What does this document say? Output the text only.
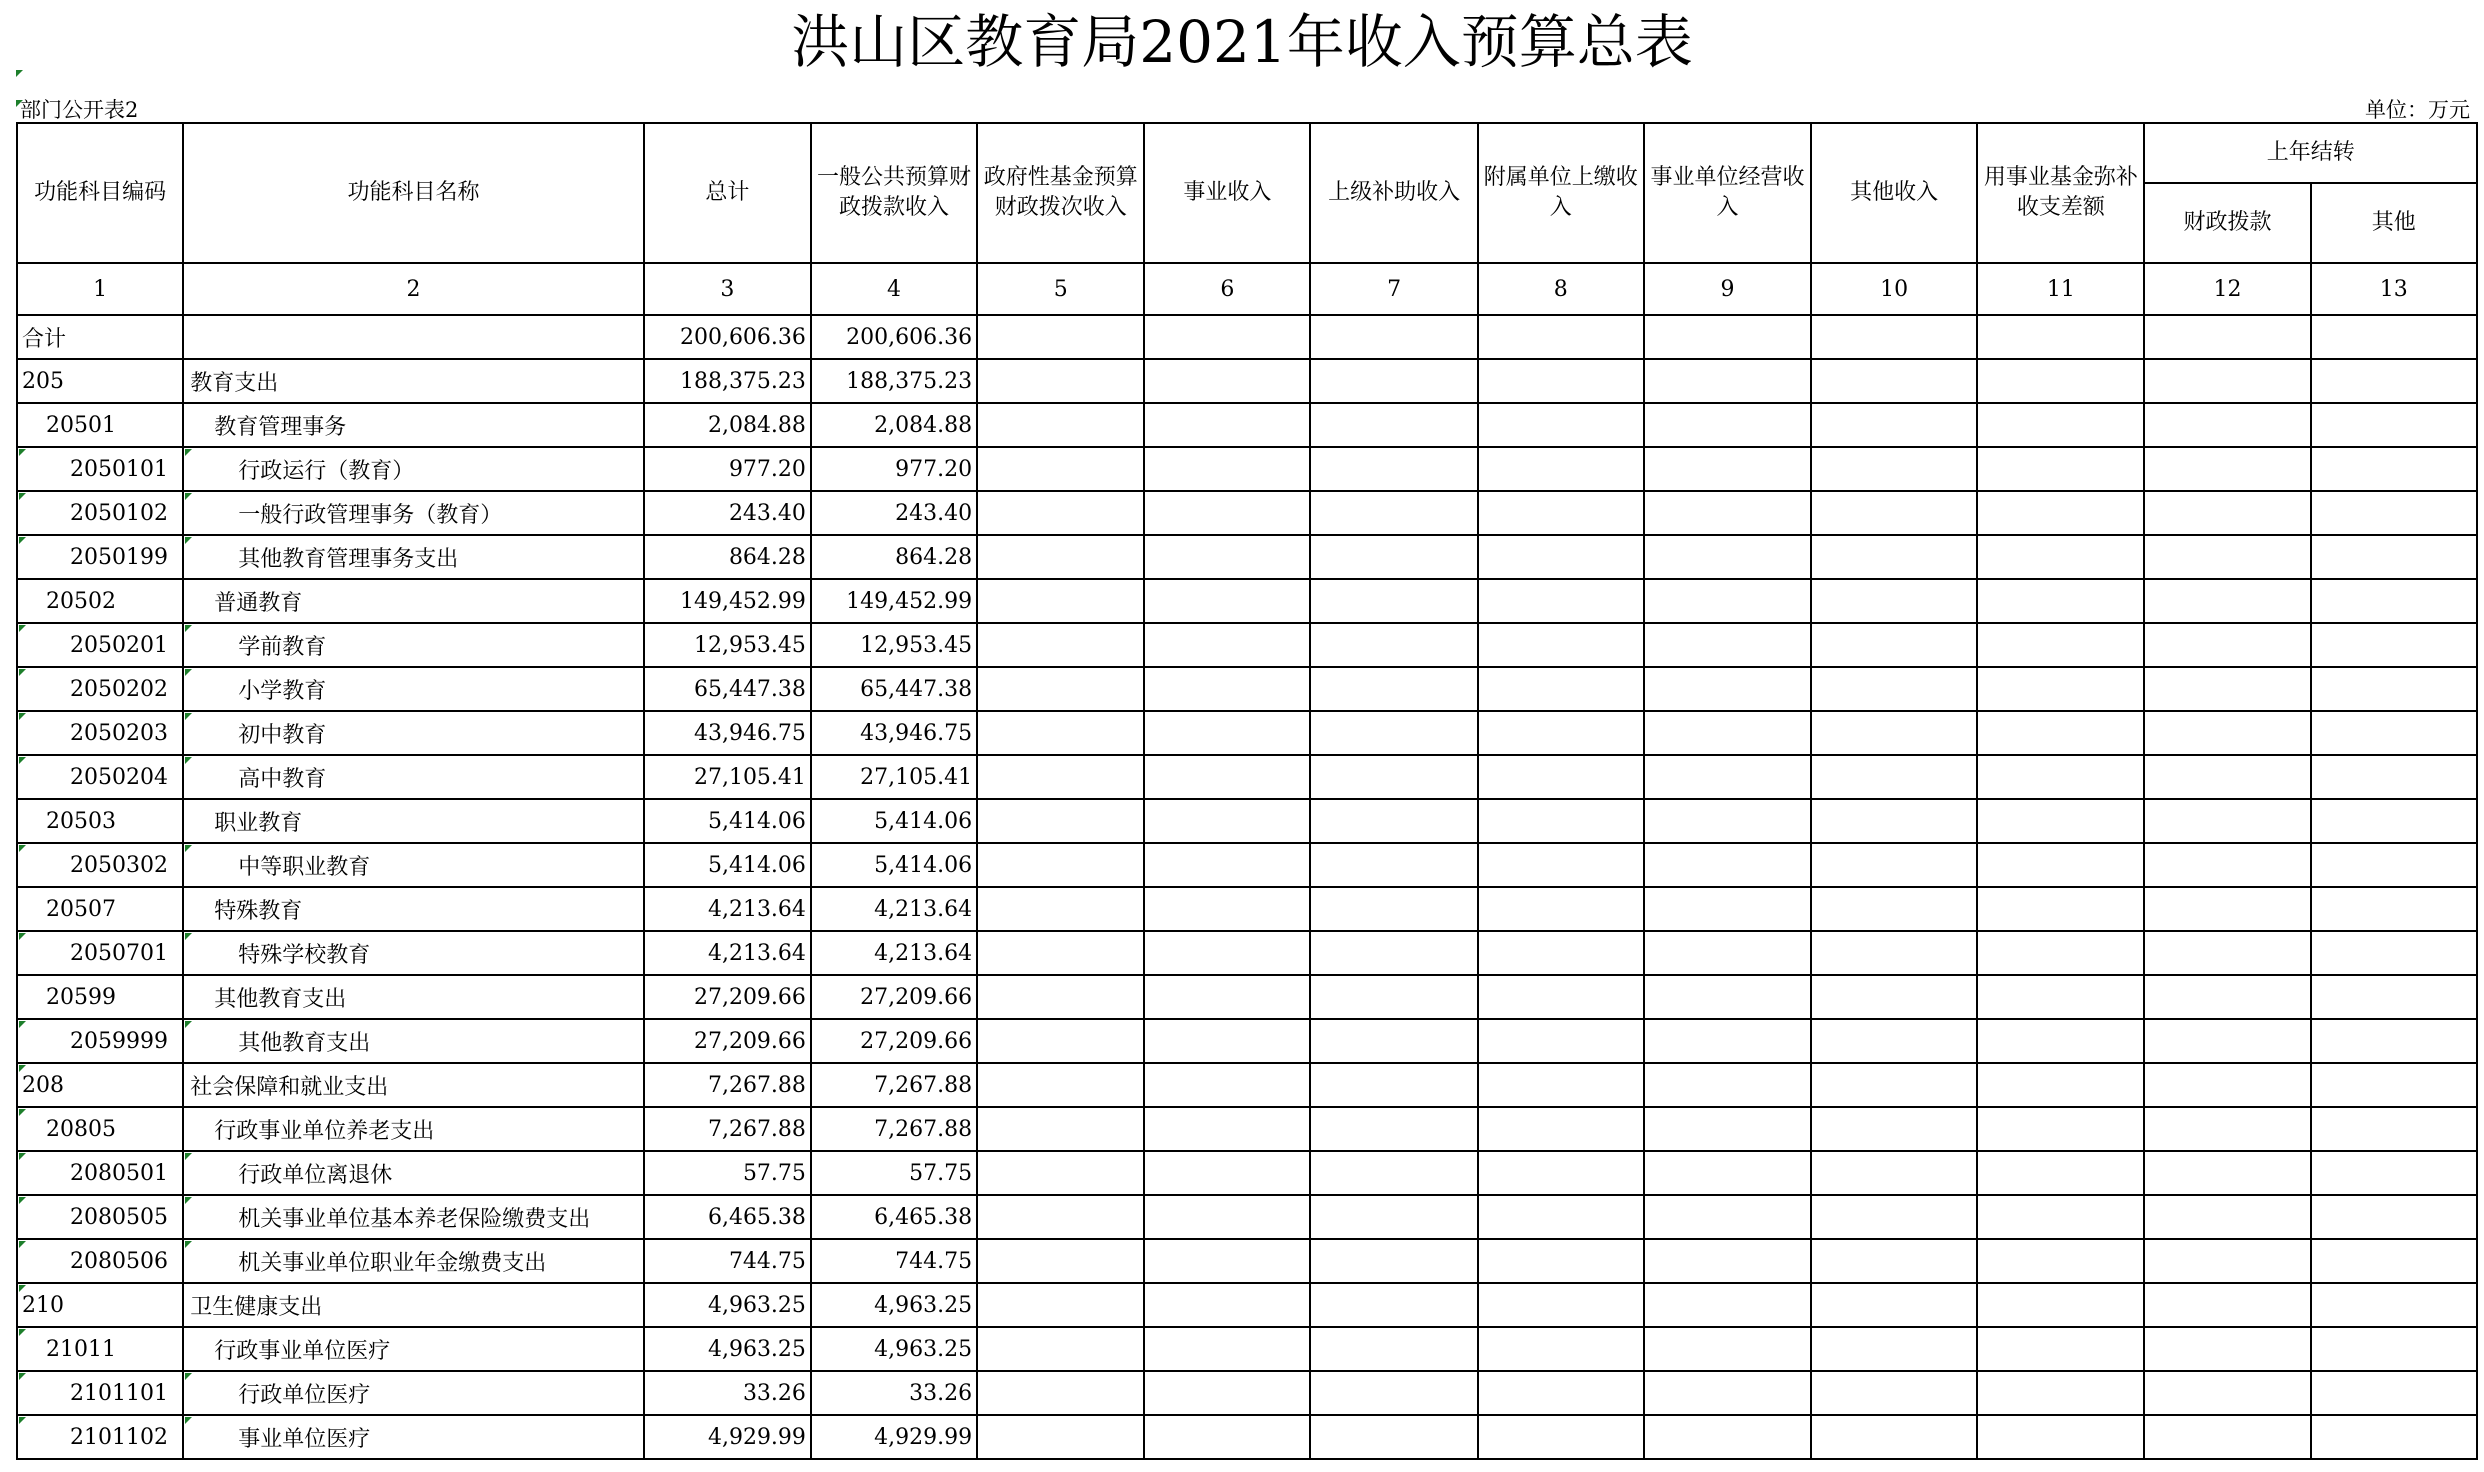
洪山区教育局2021年收入预算总表
部门公开表2	单位：万元
功能科目编码	功能科目名称	总计	一般公共预算财政拨款收入	政府性基金预算财政拨次收入	事业收入	上级补助收入	附属单位上缴收入	事业单位经营收入	其他收入	用事业基金弥补收支差额	上年结转	
											财政拨款	其他
1	2	3	4	5	6	7	8	9	10	11	12	13
合计		200,606.36	200,606.36									
205	教育支出	188,375.23	188,375.23									
20501	教育管理事务	2,084.88	2,084.88									
2050101	行政运行（教育）	977.20	977.20									
2050102	一般行政管理事务（教育）	243.40	243.40									
2050199	其他教育管理事务支出	864.28	864.28									
20502	普通教育	149,452.99	149,452.99									
2050201	学前教育	12,953.45	12,953.45									
2050202	小学教育	65,447.38	65,447.38									
2050203	初中教育	43,946.75	43,946.75									
2050204	高中教育	27,105.41	27,105.41									
20503	职业教育	5,414.06	5,414.06									
2050302	中等职业教育	5,414.06	5,414.06									
20507	特殊教育	4,213.64	4,213.64									
2050701	特殊学校教育	4,213.64	4,213.64									
20599	其他教育支出	27,209.66	27,209.66									
2059999	其他教育支出	27,209.66	27,209.66									
208	社会保障和就业支出	7,267.88	7,267.88									
20805	行政事业单位养老支出	7,267.88	7,267.88									
2080501	行政单位离退休	57.75	57.75									
2080505	机关事业单位基本养老保险缴费支出	6,465.38	6,465.38									
2080506	机关事业单位职业年金缴费支出	744.75	744.75									
210	卫生健康支出	4,963.25	4,963.25									
21011	行政事业单位医疗	4,963.25	4,963.25									
2101101	行政单位医疗	33.26	33.26									
2101102	事业单位医疗	4,929.99	4,929.99									
